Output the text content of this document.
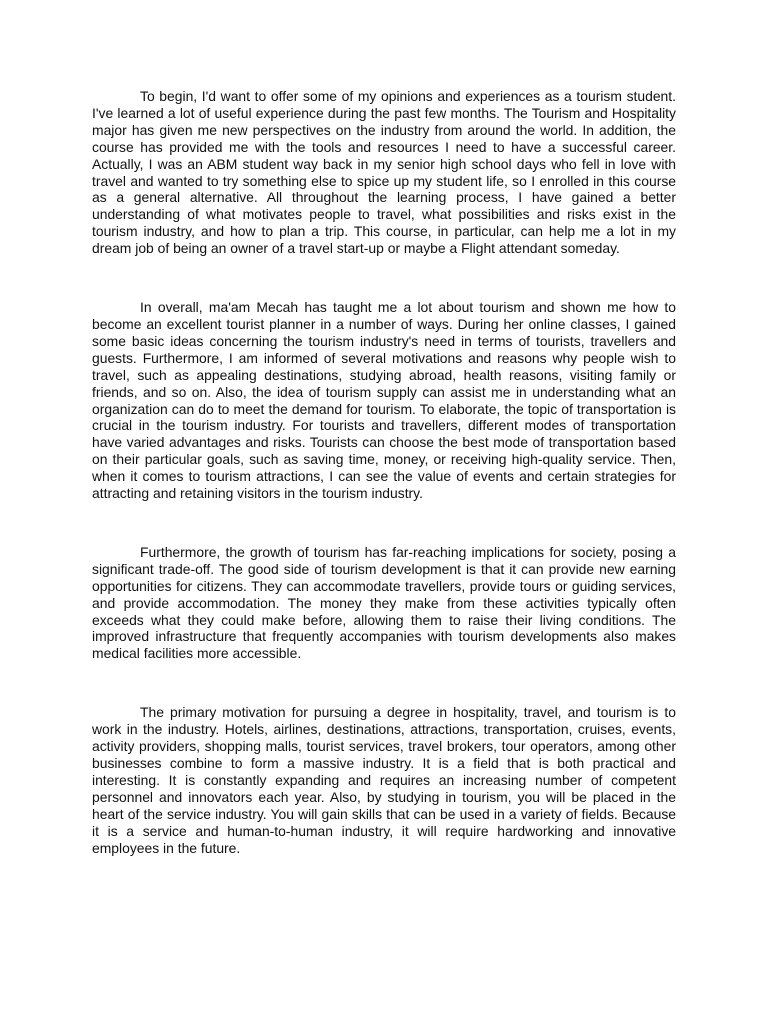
To begin, I'd want to offer some of my opinions and experiences as a tourism student. I've learned a lot of useful experience during the past few months. The Tourism and Hospitality major has given me new perspectives on the industry from around the world. In addition, the course has provided me with the tools and resources I need to have a successful career. Actually, I was an ABM student way back in my senior high school days who fell in love with travel and wanted to try something else to spice up my student life, so I enrolled in this course as a general alternative. All throughout the learning process, I have gained a better understanding of what motivates people to travel, what possibilities and risks exist in the tourism industry, and how to plan a trip. This course, in particular, can help me a lot in my dream job of being an owner of a travel start-up or maybe a Flight attendant someday.

In overall, ma'am Mecah has taught me a lot about tourism and shown me how to become an excellent tourist planner in a number of ways. During her online classes, I gained some basic ideas concerning the tourism industry's need in terms of tourists, travellers and guests. Furthermore, I am informed of several motivations and reasons why people wish to travel, such as appealing destinations, studying abroad, health reasons, visiting family or friends, and so on. Also, the idea of tourism supply can assist me in understanding what an organization can do to meet the demand for tourism. To elaborate, the topic of transportation is crucial in the tourism industry. For tourists and travellers, different modes of transportation have varied advantages and risks. Tourists can choose the best mode of transportation based on their particular goals, such as saving time, money, or receiving high-quality service. Then, when it comes to tourism attractions, I can see the value of events and certain strategies for attracting and retaining visitors in the tourism industry.

Furthermore, the growth of tourism has far-reaching implications for society, posing a significant trade-off. The good side of tourism development is that it can provide new earning opportunities for citizens. They can accommodate travellers, provide tours or guiding services, and provide accommodation. The money they make from these activities typically often exceeds what they could make before, allowing them to raise their living conditions. The improved infrastructure that frequently accompanies with tourism developments also makes medical facilities more accessible.

The primary motivation for pursuing a degree in hospitality, travel, and tourism is to work in the industry. Hotels, airlines, destinations, attractions, transportation, cruises, events, activity providers, shopping malls, tourist services, travel brokers, tour operators, among other businesses combine to form a massive industry. It is a field that is both practical and interesting. It is constantly expanding and requires an increasing number of competent personnel and innovators each year. Also, by studying in tourism, you will be placed in the heart of the service industry. You will gain skills that can be used in a variety of fields. Because it is a service and human-to-human industry, it will require hardworking and innovative employees in the future.
